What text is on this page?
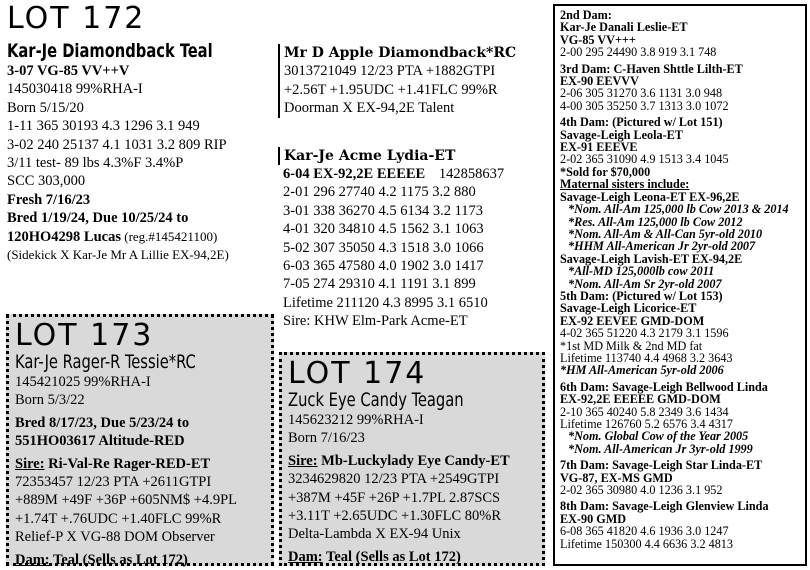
LOT 172
Kar-Je Diamondback Teal
3-07 VG-85 VV++V
145030418 99%RHA-I
Born 5/15/20
1-11 365 30193 4.3 1296 3.1 949
3-02 240 25137 4.1 1031 3.2 809 RIP
3/11 test- 89 lbs 4.3%F 3.4%P
SCC 303,000
Fresh 7/16/23
Bred 1/19/24, Due 10/25/24 to
120HO4298 Lucas (reg.#145421100)
(Sidekick X Kar-Je Mr A Lillie EX-94,2E)
Mr D Apple Diamondback*RC
3013721049 12/23 PTA +1882GTPI
+2.56T +1.95UDC +1.41FLC 99%R
Doorman X EX-94,2E Talent
Kar-Je Acme Lydia-ET
6-04 EX-92,2E EEEEE 142858637
2-01 296 27740 4.2 1175 3.2 880
3-01 338 36270 4.5 6134 3.2 1173
4-01 320 34810 4.5 1562 3.1 1063
5-02 307 35050 4.3 1518 3.0 1066
6-03 365 47580 4.0 1902 3.0 1417
7-05 274 29310 4.1 1191 3.1 899
Lifetime 211120 4.3 8995 3.1 6510
Sire: KHW Elm-Park Acme-ET
LOT 173
Kar-Je Rager-R Tessie*RC
145421025 99%RHA-I
Born 5/3/22
Bred 8/17/23, Due 5/23/24 to
551HO03617 Altitude-RED
Sire: Ri-Val-Re Rager-RED-ET
72353457 12/23 PTA +2611GTPI
+889M +49F +36P +605NM$ +4.9PL
+1.74T +.76UDC +1.40FLC 99%R
Relief-P X VG-88 DOM Observer
Dam: Teal (Sells as Lot 172)
LOT 174
Zuck Eye Candy Teagan
145623212 99%RHA-I
Born 7/16/23
Sire: Mb-Luckylady Eye Candy-ET
3234629820 12/23 PTA +2549GTPI
+387M +45F +26P +1.7PL 2.87SCS
+3.11T +2.65UDC +1.30FLC 80%R
Delta-Lambda X EX-94 Unix
Dam: Teal (Sells as Lot 172)
2nd Dam:
Kar-Je Danali Leslie-ET
VG-85 VV+++
2-00 295 24490 3.8 919 3.1 748
3rd Dam: C-Haven Shttle Lilth-ET
EX-90 EEVVV
2-06 305 31270 3.6 1131 3.0 948
4-00 305 35250 3.7 1313 3.0 1072
4th Dam: (Pictured w/ Lot 151)
Savage-Leigh Leola-ET
EX-91 EEEVE
2-02 365 31090 4.9 1513 3.4 1045
*Sold for $70,000
Maternal sisters include:
Savage-Leigh Leona-ET EX-96,2E
*Nom. All-Am 125,000 lb Cow 2013 & 2014
*Res. All-Am 125,000 lb Cow 2012
*Nom. All-Am & All-Can 5yr-old 2010
*HHM All-American Jr 2yr-old 2007
Savage-Leigh Lavish-ET EX-94,2E
*All-MD 125,000lb cow 2011
*Nom. All-Am Sr 2yr-old 2007
5th Dam: (Pictured w/ Lot 153)
Savage-Leigh Licorice-ET
EX-92 EEVEE GMD-DOM
4-02 365 51220 4.3 2179 3.1 1596
*1st MD Milk & 2nd MD fat
Lifetime 113740 4.4 4968 3.2 3643
*HM All-American 5yr-old 2006
6th Dam: Savage-Leigh Bellwood Linda
EX-92,2E EEEEE GMD-DOM
2-10 365 40240 5.8 2349 3.6 1434
Lifetime 126760 5.2 6576 3.4 4317
*Nom. Global Cow of the Year 2005
*Nom. All-American Jr 3yr-old 1999
7th Dam: Savage-Leigh Star Linda-ET
VG-87, EX-MS GMD
2-02 365 30980 4.0 1236 3.1 952
8th Dam: Savage-Leigh Glenview Linda
EX-90 GMD
6-08 365 41820 4.6 1936 3.0 1247
Lifetime 150300 4.4 6636 3.2 4813
